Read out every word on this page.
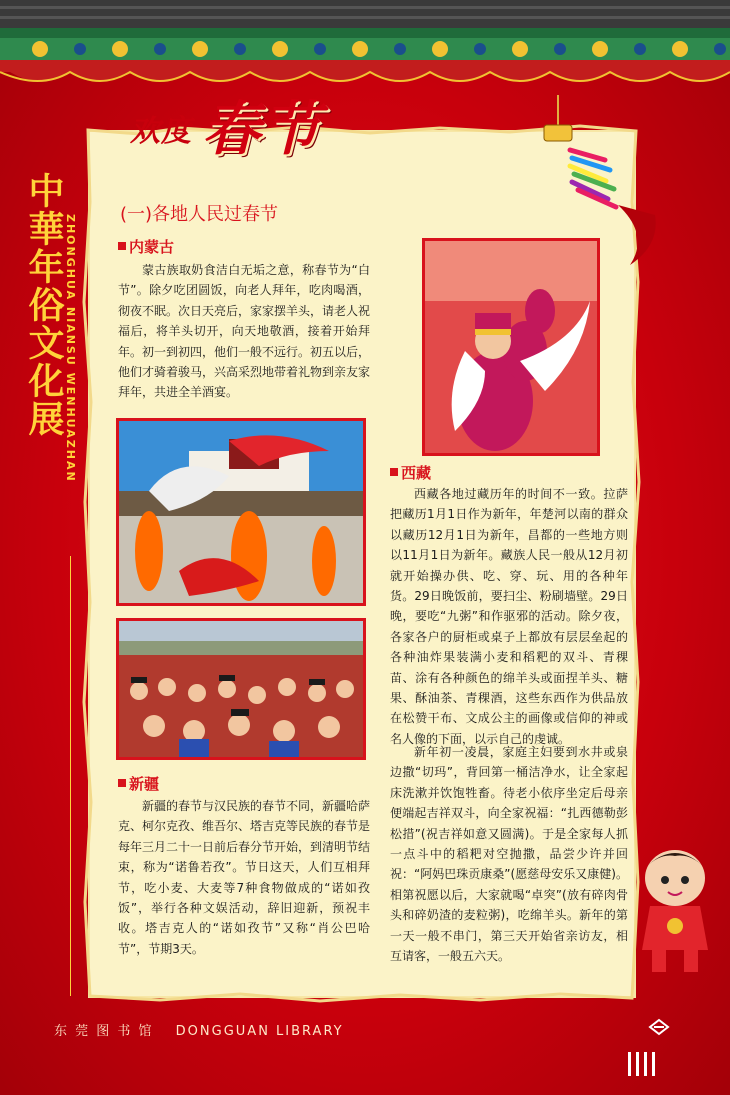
欢度 春节
中華年俗文化展 ZHONGHUA NIANSU WENHUAZHAN (一)各地人民过春节
内蒙古

蒙古族取奶食洁白无垢之意，称春节为“白节”。除夕吃团圆饭，向老人拜年，吃肉喝酒，彻夜不眠。次日天亮后，家家摆羊头，请老人祝福后，将羊头切开，向天地敬酒，接着开始拜年。初一到初四，他们一般不远行。初五以后，他们才骑着骏马，兴高采烈地带着礼物到亲友家拜年，共进全羊酒宴。

新疆

新疆的春节与汉民族的春节不同，新疆哈萨克、柯尔克孜、维吾尔、塔吉克等民族的春节是每年三月二十一日前后春分节开始，到清明节结束，称为“诺鲁若孜”。节日这天，人们互相拜节，吃小麦、大麦等7种食物做成的“诺如孜饭”，举行各种文娱活动，辞旧迎新，预祝丰收。塔吉克人的“诺如孜节”又称“肖公巴哈节”，节期3天。

西藏

西藏各地过藏历年的时间不一致。拉萨把藏历1月1日作为新年，年楚河以南的群众以藏历12月1日为新年，昌都的一些地方则以11月1日为新年。藏族人民一般从12月初就开始操办供、吃、穿、玩、用的各种年货。29日晚饭前，要扫尘、粉刷墙壁。29日晚，要吃“九粥”和作驱邪的活动。除夕夜，各家各户的厨柜或桌子上都放有层层垒起的各种油炸果装满小麦和稻粑的双斗、青稞苗、涂有各种颜色的绵羊头或面捏羊头、糖果、酥油茶、青稞酒，这些东西作为供品放在松赞干布、文成公主的画像或信仰的神或名人像的下面，以示自己的虔诚。

新年初一凌晨，家庭主妇要到水井或泉边撒“切玛”，背回第一桶洁净水，让全家起床洗漱并饮饱牲畜。待老小依序坐定后母亲便端起吉祥双斗，向全家祝福：“扎西德勒彭松措”(祝吉祥如意又圆满)。于是全家每人抓一点斗中的稻粑对空抛撒，品尝少许并回祝：“阿妈巴珠贡康桑”(愿慈母安乐又康健)。相第祝愿以后，大家就喝“卓突”(放有碎肉骨头和碎奶渣的麦粒粥)，吃绵羊头。新年的第一天一般不串门，第三天开始省亲访友，相互请客，一般五六天。

东 莞 图 书 馆 DONGGUAN LIBRARY
